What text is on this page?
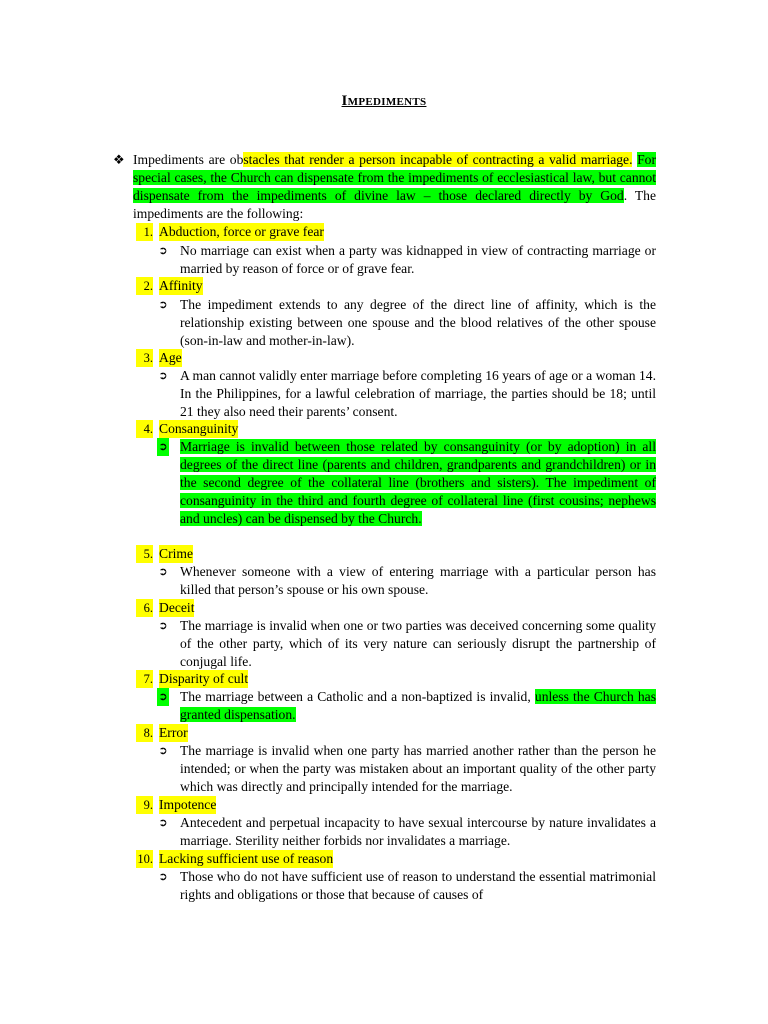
Impediments
❖ Impediments are obstacles that render a person incapable of contracting a valid marriage. For special cases, the Church can dispensate from the impediments of ecclesiastical law, but cannot dispensate from the impediments of divine law – those declared directly by God. The impediments are the following:
1. Abduction, force or grave fear
➲ No marriage can exist when a party was kidnapped in view of contracting marriage or married by reason of force or of grave fear.
2. Affinity
➲ The impediment extends to any degree of the direct line of affinity, which is the relationship existing between one spouse and the blood relatives of the other spouse (son-in-law and mother-in-law).
3. Age
➲ A man cannot validly enter marriage before completing 16 years of age or a woman 14. In the Philippines, for a lawful celebration of marriage, the parties should be 18; until 21 they also need their parents’ consent.
4. Consanguinity
➲ Marriage is invalid between those related by consanguinity (or by adoption) in all degrees of the direct line (parents and children, grandparents and grandchildren) or in the second degree of the collateral line (brothers and sisters). The impediment of consanguinity in the third and fourth degree of collateral line (first cousins; nephews and uncles) can be dispensed by the Church.
5. Crime
➲ Whenever someone with a view of entering marriage with a particular person has killed that person’s spouse or his own spouse.
6. Deceit
➲ The marriage is invalid when one or two parties was deceived concerning some quality of the other party, which of its very nature can seriously disrupt the partnership of conjugal life.
7. Disparity of cult
➲ The marriage between a Catholic and a non-baptized is invalid, unless the Church has granted dispensation.
8. Error
➲ The marriage is invalid when one party has married another rather than the person he intended; or when the party was mistaken about an important quality of the other party which was directly and principally intended for the marriage.
9. Impotence
➲ Antecedent and perpetual incapacity to have sexual intercourse by nature invalidates a marriage. Sterility neither forbids nor invalidates a marriage.
10. Lacking sufficient use of reason
➲ Those who do not have sufficient use of reason to understand the essential matrimonial rights and obligations or those that because of causes of
